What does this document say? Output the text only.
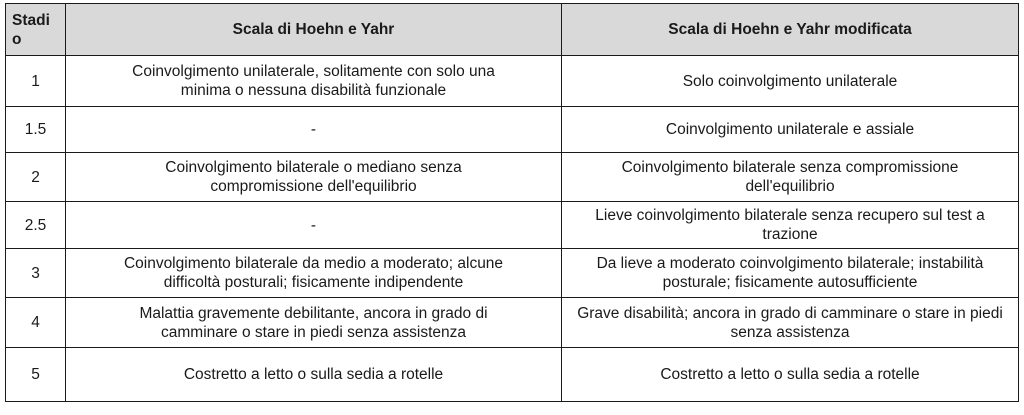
Stadi
o	Scala di Hoehn e Yahr	Scala di Hoehn e Yahr modificata
1	Coinvolgimento unilaterale, solitamente con solo una minima o nessuna disabilità funzionale	Solo coinvolgimento unilaterale
1.5	-	Coinvolgimento unilaterale e assiale
2	Coinvolgimento bilaterale o mediano senza compromissione dell'equilibrio	Coinvolgimento bilaterale senza compromissione dell'equilibrio
2.5	-	Lieve coinvolgimento bilaterale senza recupero sul test a trazione
3	Coinvolgimento bilaterale da medio a moderato; alcune difficoltà posturali; fisicamente indipendente	Da lieve a moderato coinvolgimento bilaterale; instabilità posturale; fisicamente autosufficiente
4	Malattia gravemente debilitante, ancora in grado di camminare o stare in piedi senza assistenza	Grave disabilità; ancora in grado di camminare o stare in piedi senza assistenza
5	Costretto a letto o sulla sedia a rotelle	Costretto a letto o sulla sedia a rotelle
